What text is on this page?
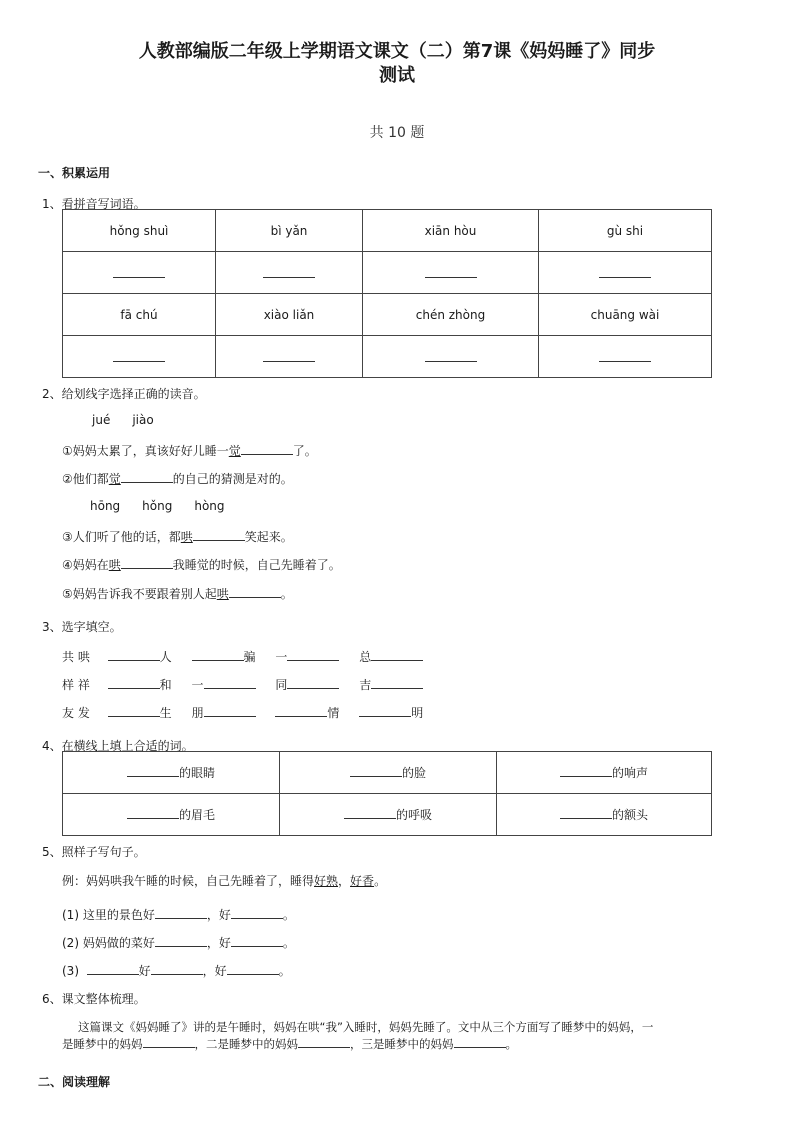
人教部编版二年级上学期语文课文（二）第7课《妈妈睡了》同步
测试
共 10 题
一、积累运用
1、看拼音写词语。
hǒng shuì	bì yǎn	xiān hòu	gù shi

fā chú	xiào liǎn	chén zhòng	chuāng wài

2、给划线字选择正确的读音。
jué jiào
①妈妈太累了，真该好好儿睡一觉	了。
②他们都觉	的自己的猜测是对的。
hōng hǒng hòng
③人们听了他的话，都哄	笑起来。
④妈妈在哄	我睡觉的时候，自己先睡着了。
⑤妈妈告诉我不要跟着别人起哄	。
3、选字填空。
共 哄	人	骗 一	总
样 祥	和 一	同	吉
友 发	生 朋	情	明
4、在横线上填上合适的词。
的眼睛	的脸	的响声
的眉毛	的呼吸	的额头
5、照样子写句子。
例：妈妈哄我午睡的时候，自己先睡着了，睡得好熟，好香。
(1) 这里的景色好	，好	。
(2) 妈妈做的菜好	，好	。
(3)	好	，好	。
6、课文整体梳理。
这篇课文《妈妈睡了》讲的是午睡时，妈妈在哄“我”入睡时，妈妈先睡了。文中从三个方面写了睡梦中的妈妈，一
是睡梦中的妈妈	，二是睡梦中的妈妈	，三是睡梦中的妈妈	。
二、阅读理解
